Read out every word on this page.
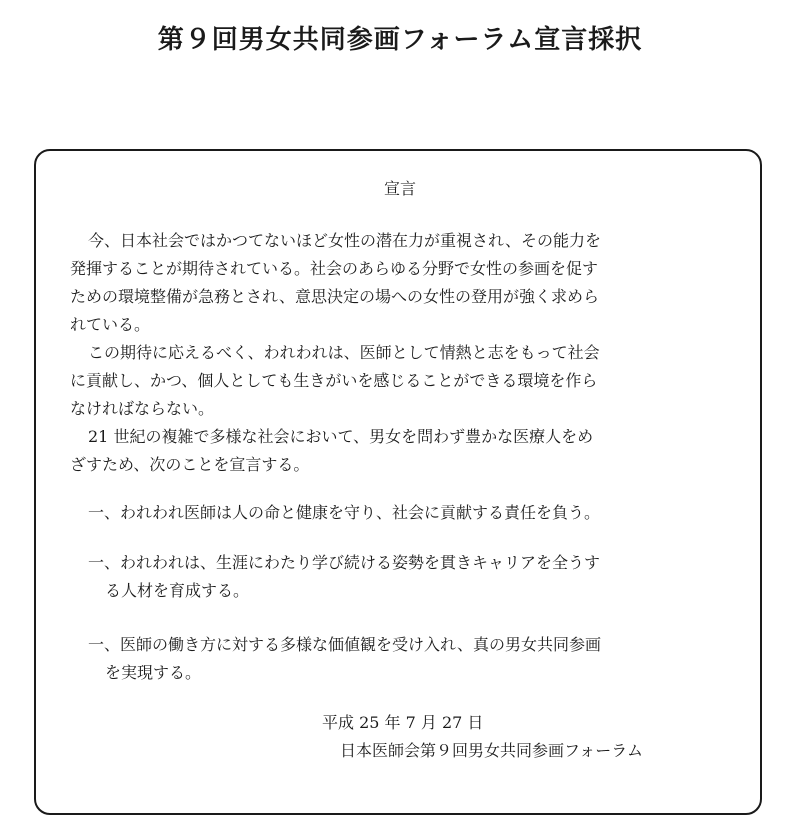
第９回男女共同参画フォーラム宣言採択
宣言
今、日本社会ではかつてないほど女性の潜在力が重視され、その能力を
発揮することが期待されている。社会のあらゆる分野で女性の参画を促す
ための環境整備が急務とされ、意思決定の場への女性の登用が強く求めら
れている。
この期待に応えるべく、われわれは、医師として情熱と志をもって社会
に貢献し、かつ、個人としても生きがいを感じることができる環境を作ら
なければならない。
21 世紀の複雑で多様な社会において、男女を問わず豊かな医療人をめ
ざすため、次のことを宣言する。
一、われわれ医師は人の命と健康を守り、社会に貢献する責任を負う。
一、われわれは、生涯にわたり学び続ける姿勢を貫きキャリアを全うす
る人材を育成する。
一、医師の働き方に対する多様な価値観を受け入れ、真の男女共同参画
を実現する。
平成 25 年 7 月 27 日
日本医師会第９回男女共同参画フォーラム
